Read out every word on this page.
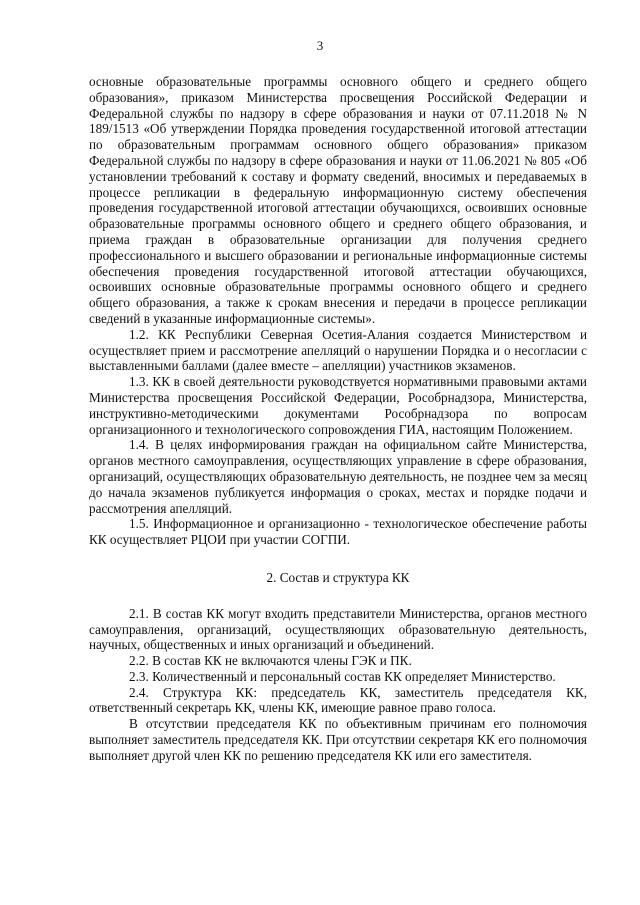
3

основные образовательные программы основного общего и среднего общего образования», приказом Министерства просвещения Российской Федерации и Федеральной службы по надзору в сфере образования и науки от 07.11.2018 № N 189/1513 «Об утверждении Порядка проведения государственной итоговой аттестации по образовательным программам основного общего образования» приказом Федеральной службы по надзору в сфере образования и науки от 11.06.2021 № 805 «Об установлении требований к составу и формату сведений, вносимых и передаваемых в процессе репликации в федеральную информационную систему обеспечения проведения государственной итоговой аттестации обучающихся, освоивших основные образовательные программы основного общего и среднего общего образования, и приема граждан в образовательные организации для получения среднего профессионального и высшего образовании и региональные информационные системы обеспечения проведения государственной итоговой аттестации обучающихся, освоивших основные образовательные программы основного общего и среднего общего образования, а также к срокам внесения и передачи в процессе репликации сведений в указанные информационные системы».

1.2. КК Республики Северная Осетия-Алания создается Министерством и осуществляет прием и рассмотрение апелляций о нарушении Порядка и о несогласии с выставленными баллами (далее вместе – апелляции) участников экзаменов.

1.3. КК в своей деятельности руководствуется нормативными правовыми актами Министерства просвещения Российской Федерации, Рособрнадзора, Министерства, инструктивно-методическими документами Рособрнадзора по вопросам организационного и технологического сопровождения ГИА, настоящим Положением.

1.4. В целях информирования граждан на официальном сайте Министерства, органов местного самоуправления, осуществляющих управление в сфере образования, организаций, осуществляющих образовательную деятельность, не позднее чем за месяц до начала экзаменов публикуется информация о сроках, местах и порядке подачи и рассмотрения апелляций.

1.5. Информационное и организационно - технологическое обеспечение работы КК осуществляет РЦОИ при участии СОГПИ.

2. Состав и структура КК

2.1. В состав КК могут входить представители Министерства, органов местного самоуправления, организаций, осуществляющих образовательную деятельность, научных, общественных и иных организаций и объединений.

2.2. В состав КК не включаются члены ГЭК и ПК.

2.3. Количественный и персональный состав КК определяет Министерство.

2.4. Структура КК: председатель КК, заместитель председателя КК, ответственный секретарь КК, члены КК, имеющие равное право голоса.

В отсутствии председателя КК по объективным причинам его полномочия выполняет заместитель председателя КК. При отсутствии секретаря КК его полномочия выполняет другой член КК по решению председателя КК или его заместителя.
